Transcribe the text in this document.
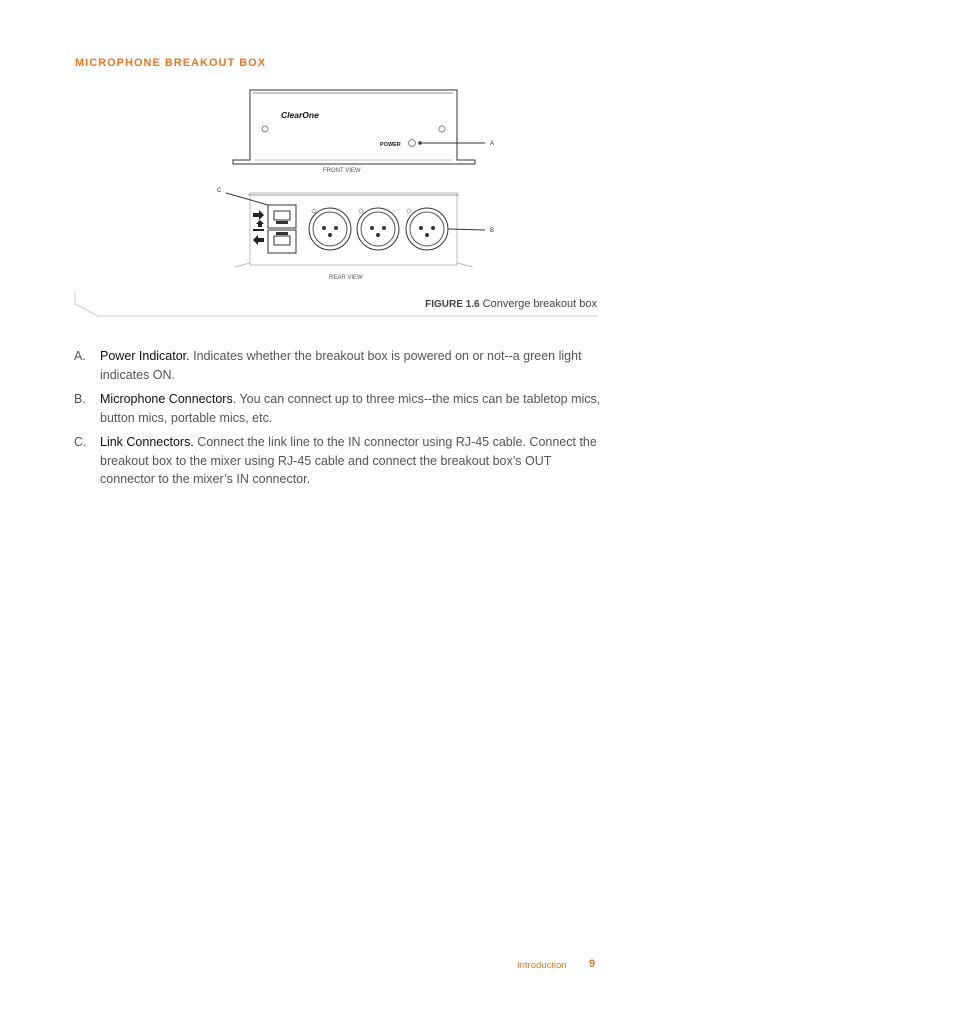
MICROPHONE BREAKOUT BOX
ClearOne
POWER	A
FRONT VIEW
B
C
REAR VIEW
FIGURE 1.6 Converge breakout box

A. Power Indicator. Indicates whether the breakout box is powered on or not--a green light indicates ON.

B. Microphone Connectors. You can connect up to three mics--the mics can be tabletop mics, button mics, portable mics, etc.

C. Link Connectors. Connect the link line to the IN connector using RJ-45 cable. Connect the breakout box to the mixer using RJ-45 cable and connect the breakout box’s OUT connector to the mixer’s IN connector.

Introduction 9
